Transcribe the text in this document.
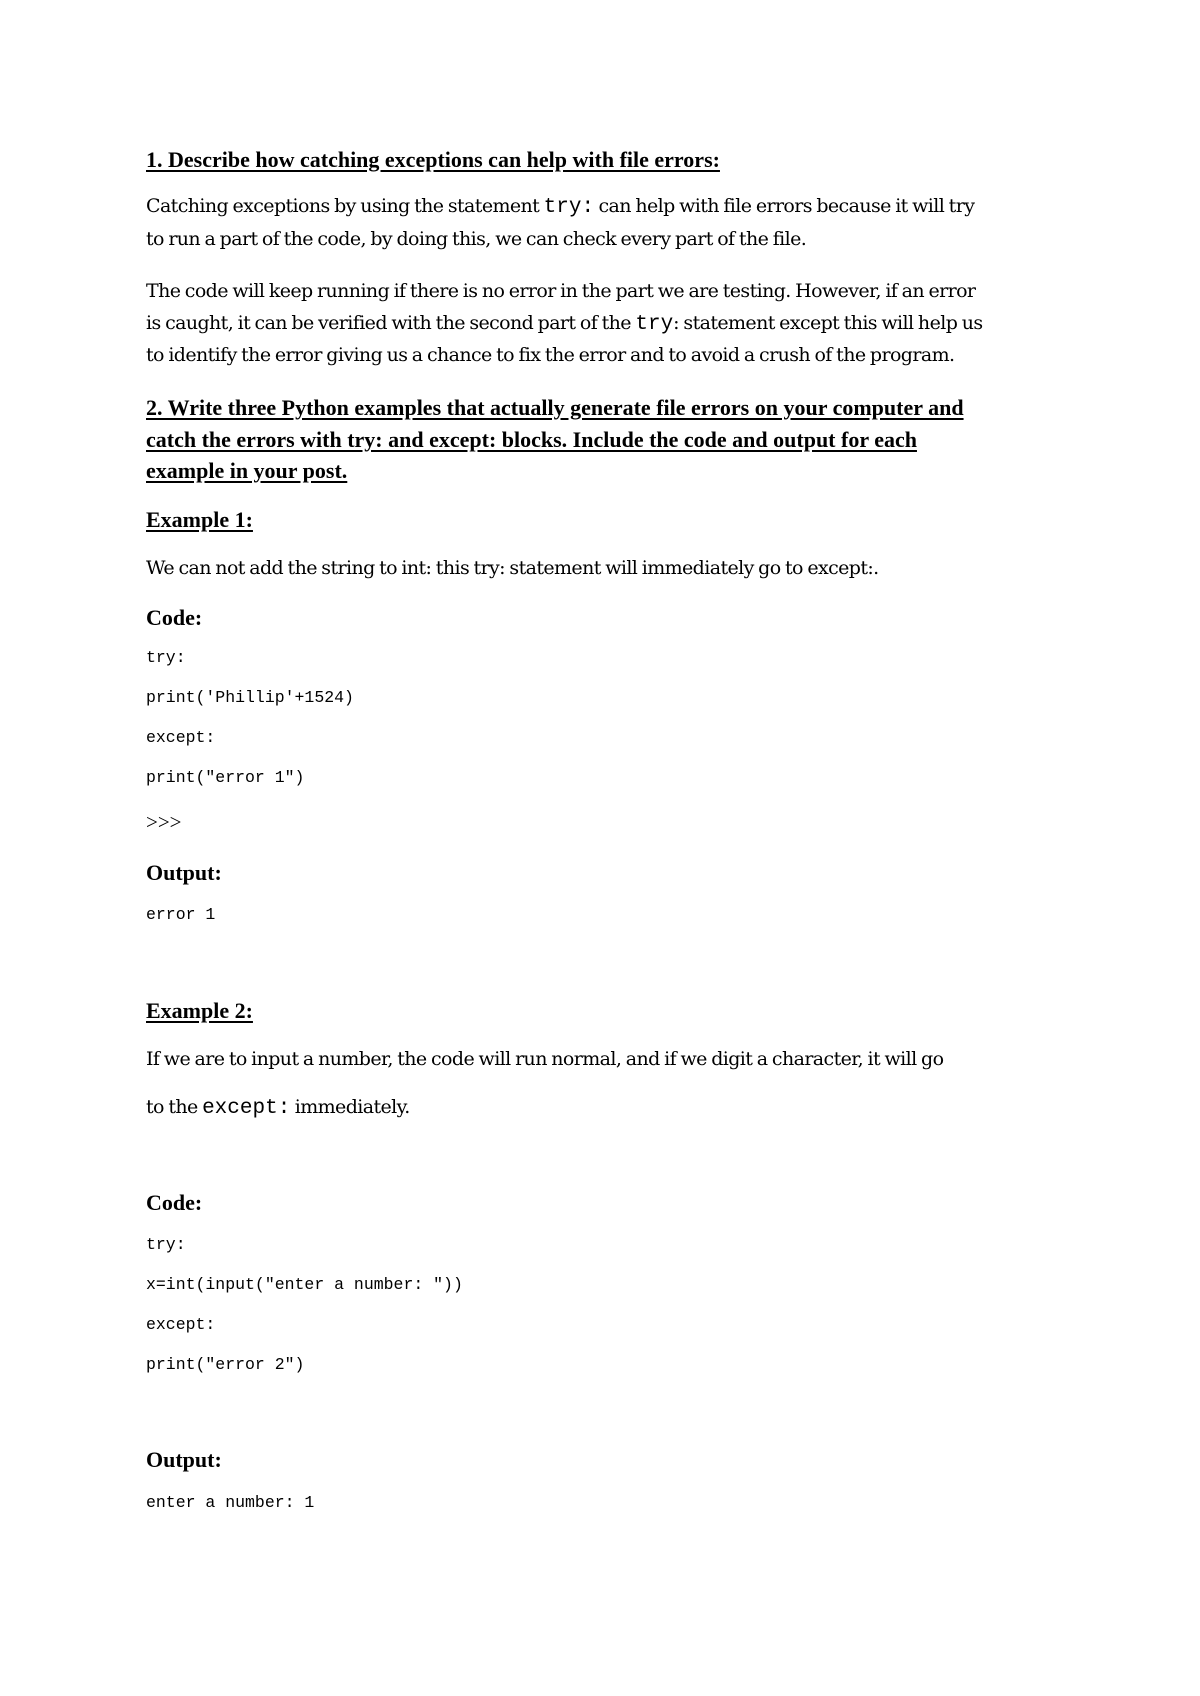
1. Describe how catching exceptions can help with file errors:
Catching exceptions by using the statement try: can help with file errors because it will try
to run a part of the code, by doing this, we can check every part of the file.
The code will keep running if there is no error in the part we are testing. However, if an error
is caught, it can be verified with the second part of the try: statement except this will help us
to identify the error giving us a chance to fix the error and to avoid a crush of the program.
2. Write three Python examples that actually generate file errors on your computer and
catch the errors with try: and except: blocks. Include the code and output for each
example in your post.
Example 1:
We can not add the string to int: this try: statement will immediately go to except:.
Code:
try:
print('Phillip'+1524)
except:
print("error 1")
>>>
Output:
error 1
Example 2:
If we are to input a number, the code will run normal, and if we digit a character, it will go
to the except: immediately.
Code:
try:
x=int(input("enter a number: "))
except:
print("error 2")
Output:
enter a number: 1
